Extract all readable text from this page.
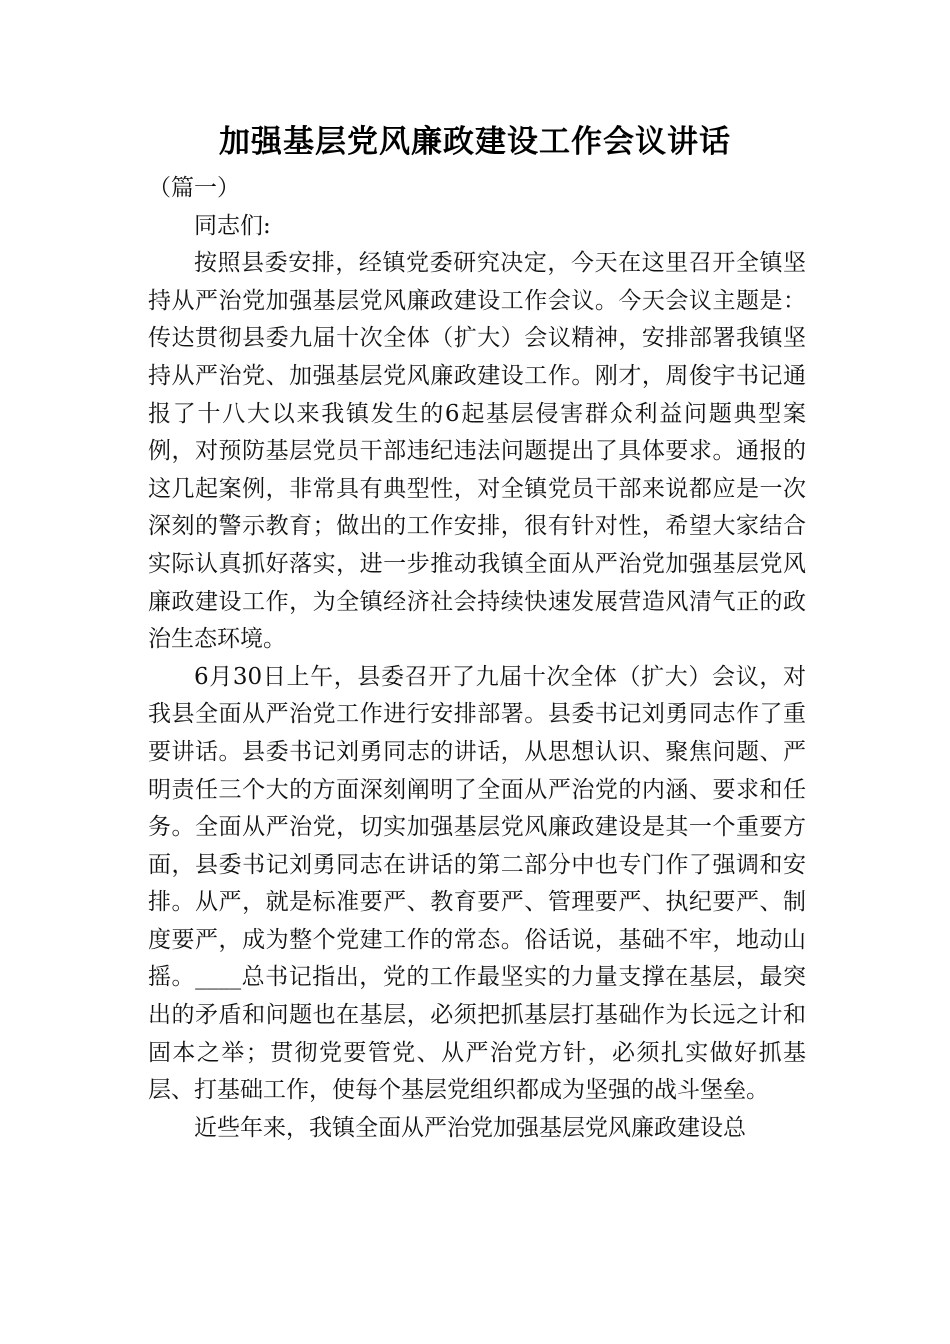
加强基层党风廉政建设工作会议讲话

（篇一）

同志们:

按照县委安排，经镇党委研究决定，今天在这里召开全镇坚持从严治党加强基层党风廉政建设工作会议。今天会议主题是：传达贯彻县委九届十次全体（扩大）会议精神，安排部署我镇坚持从严治党、加强基层党风廉政建设工作。刚才，周俊宇书记通报了十八大以来我镇发生的6起基层侵害群众利益问题典型案例，对预防基层党员干部违纪违法问题提出了具体要求。通报的这几起案例，非常具有典型性，对全镇党员干部来说都应是一次深刻的警示教育；做出的工作安排，很有针对性，希望大家结合实际认真抓好落实，进一步推动我镇全面从严治党加强基层党风廉政建设工作，为全镇经济社会持续快速发展营造风清气正的政治生态环境。

6月30日上午，县委召开了九届十次全体（扩大）会议，对我县全面从严治党工作进行安排部署。县委书记刘勇同志作了重要讲话。县委书记刘勇同志的讲话，从思想认识、聚焦问题、严明责任三个大的方面深刻阐明了全面从严治党的内涵、要求和任务。全面从严治党，切实加强基层党风廉政建设是其一个重要方面，县委书记刘勇同志在讲话的第二部分中也专门作了强调和安排。从严，就是标准要严、教育要严、管理要严、执纪要严、制度要严，成为整个党建工作的常态。俗话说，基础不牢，地动山摇。____总书记指出，党的工作最坚实的力量支撑在基层，最突出的矛盾和问题也在基层，必须把抓基层打基础作为长远之计和固本之举；贯彻党要管党、从严治党方针，必须扎实做好抓基层、打基础工作，使每个基层党组织都成为坚强的战斗堡垒。

近些年来，我镇全面从严治党加强基层党风廉政建设总
